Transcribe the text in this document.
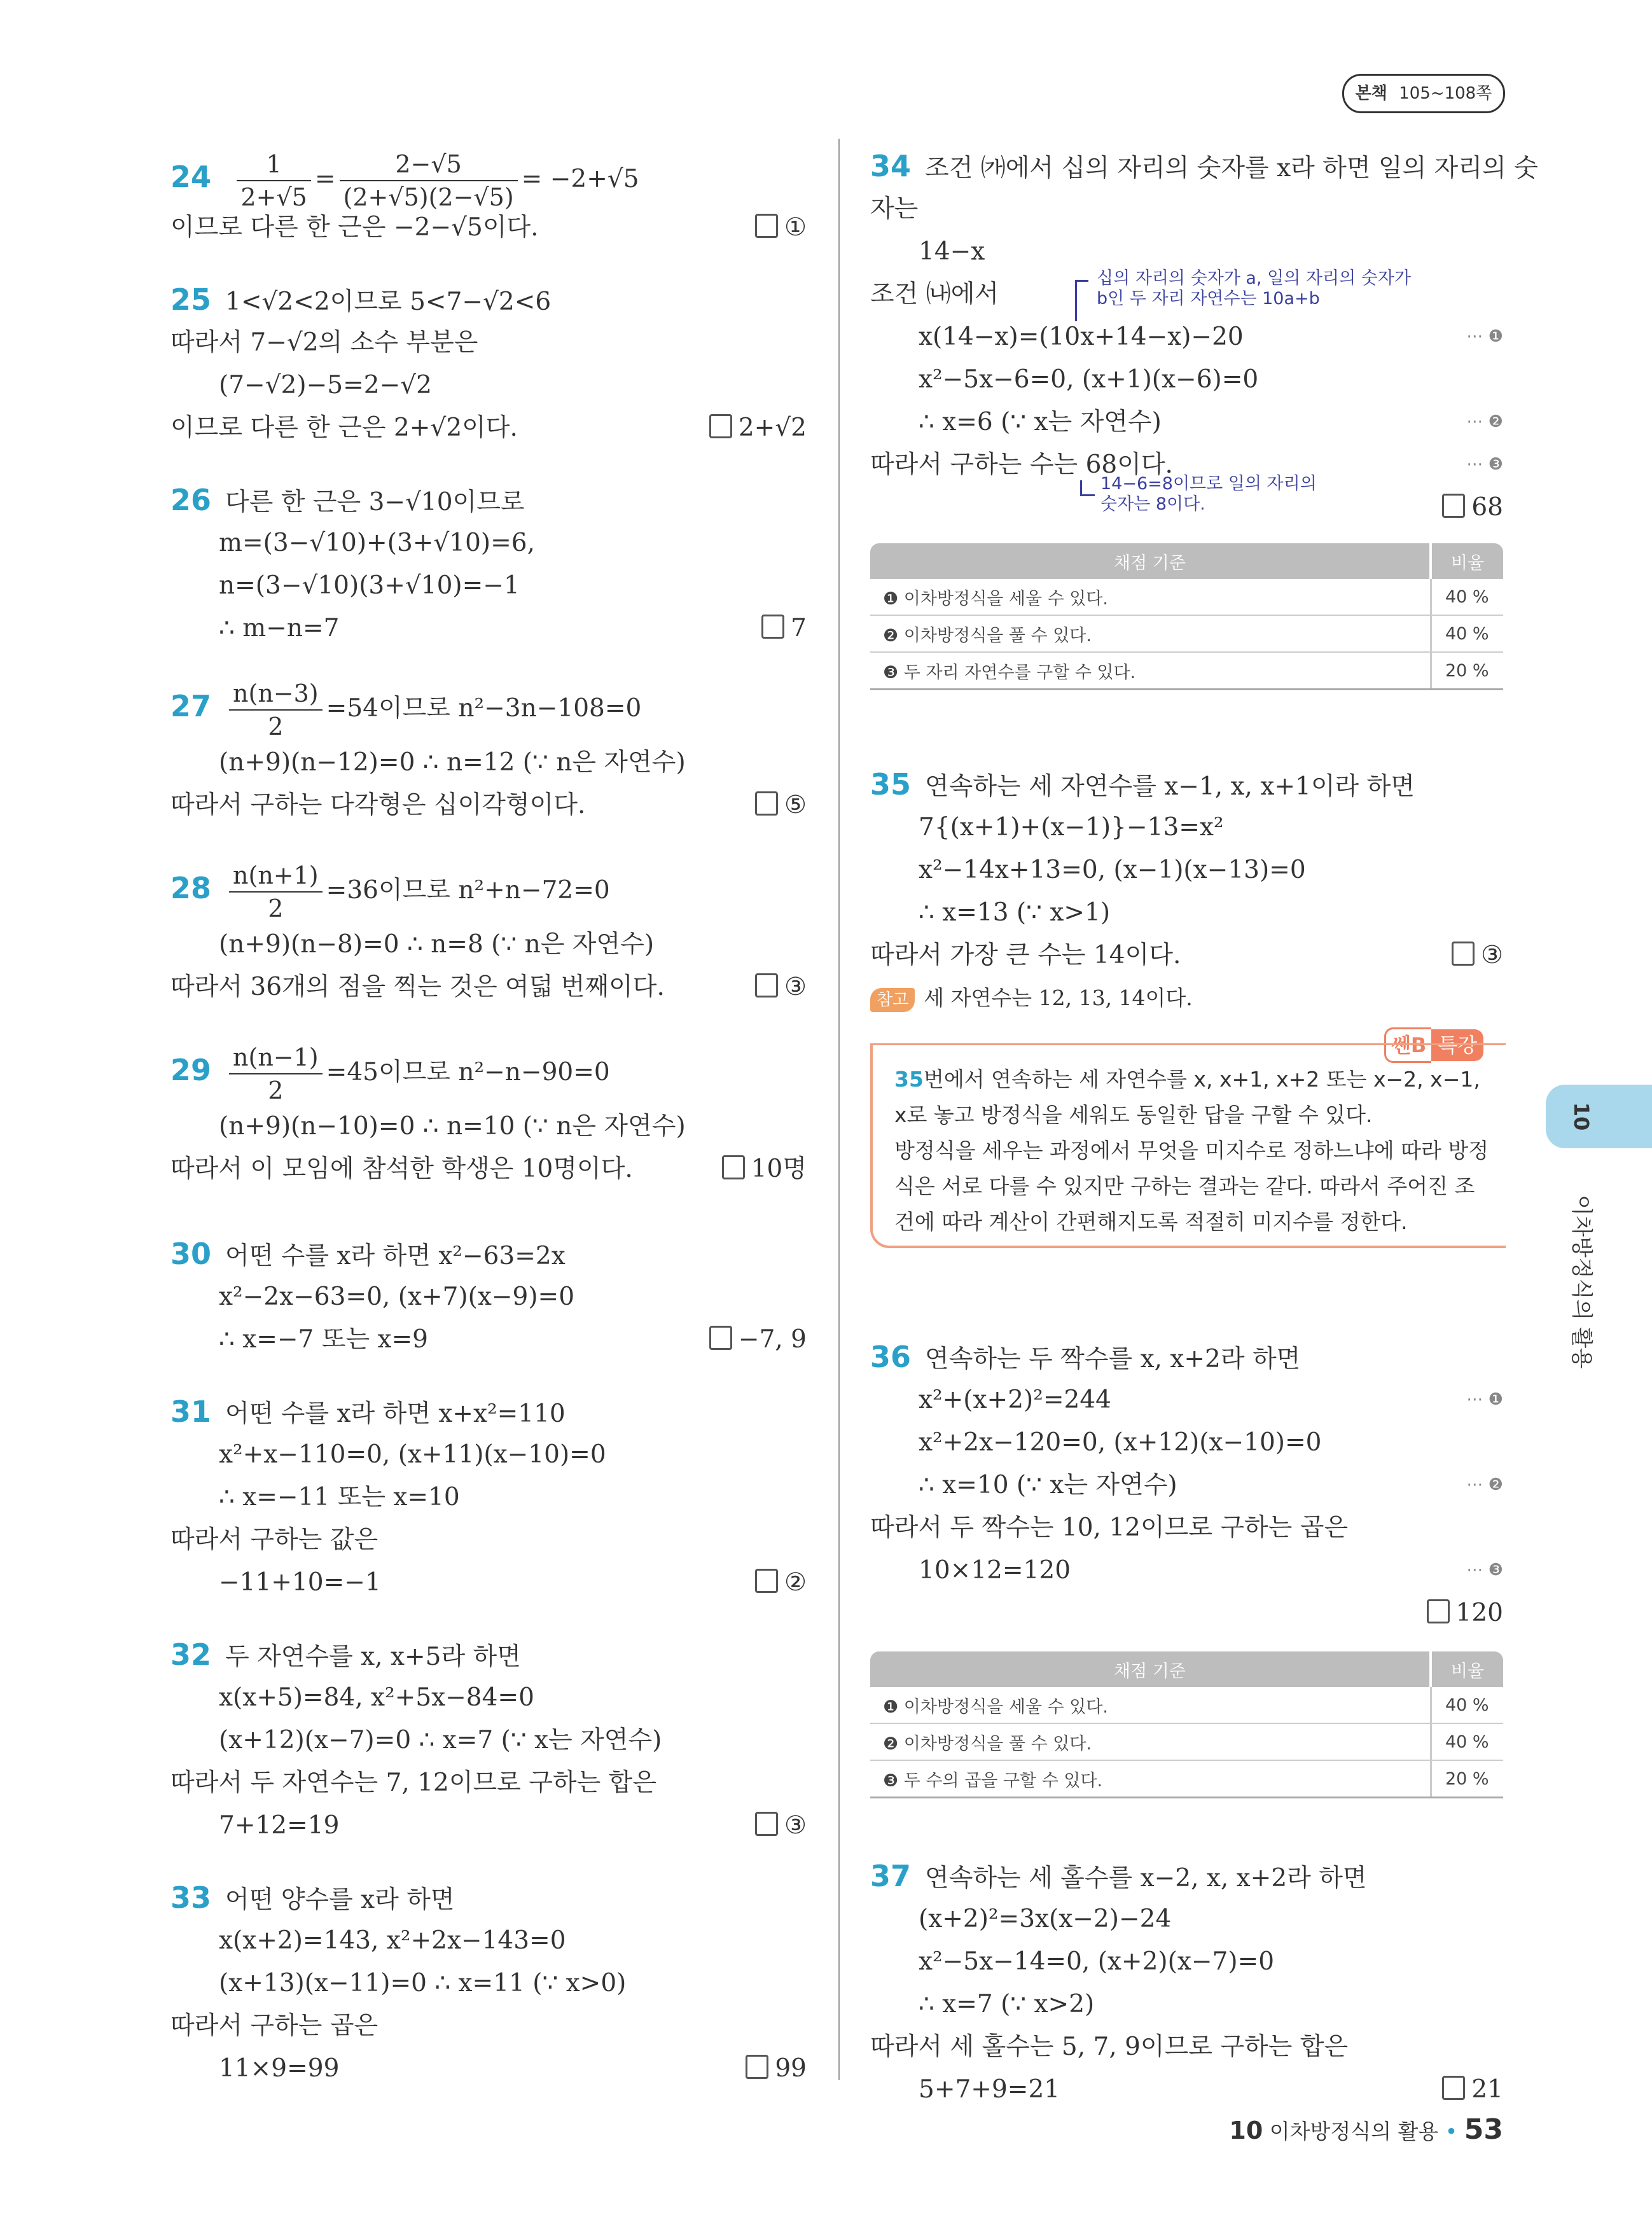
본책 105~108쪽
$24 \frac{1}{2+√5} = \frac{2-√5}{(2+√5)(2-√5)} = -2+√5$
이므로 다른 한 근은 −2−√5이다.	①
25 1<√2<2이므로 5<7−√2<6
따라서 7−√2의 소수 부분은
(7−√2)−5=2−√2
이므로 다른 한 근은 2+√2이다.	2+√2
26 다른 한 근은 3−√10이므로
m=(3−√10)+(3+√10)=6,
n=(3−√10)(3+√10)=−1
∴ m−n=7	7
$27 \frac{n(n-3)}{2} =54$이므로 n²−3n−108=0
(n+9)(n−12)=0 ∴ n=12 (∵ n은 자연수)
따라서 구하는 다각형은 십이각형이다.	⑤
$28 \frac{n(n+1)}{2} =36$이므로 n²+n−72=0
(n+9)(n−8)=0 ∴ n=8 (∵ n은 자연수)
따라서 36개의 점을 찍는 것은 여덟 번째이다.	③
$29 \frac{n(n-1)}{2} =45$이므로 n²−n−90=0
(n+9)(n−10)=0 ∴ n=10 (∵ n은 자연수)
따라서 이 모임에 참석한 학생은 10명이다.	10명
30 어떤 수를 x라 하면 x²−63=2x
x²−2x−63=0, (x+7)(x−9)=0
∴ x=−7 또는 x=9	−7, 9
31 어떤 수를 x라 하면 x+x²=110
x²+x−110=0, (x+11)(x−10)=0
∴ x=−11 또는 x=10
따라서 구하는 값은
−11+10=−1	②
32 두 자연수를 x, x+5라 하면
x(x+5)=84, x²+5x−84=0
(x+12)(x−7)=0 ∴ x=7 (∵ x는 자연수)
따라서 두 자연수는 7, 12이므로 구하는 합은
7+12=19	③
33 어떤 양수를 x라 하면
x(x+2)=143, x²+2x−143=0
(x+13)(x−11)=0 ∴ x=11 (∵ x>0)
따라서 구하는 곱은
11×9=99	99
34 조건 ㈎에서 십의 자리의 숫자를 x라 하면 일의 자리의 숫
자는
14−x
조건 ㈏에서
십의 자리의 숫자가 a, 일의 자리의 숫자가
b인 두 자리 자연수는 10a+b
x(14−x)=(10x+14−x)−20	⋯ ❶
x²−5x−6=0, (x+1)(x−6)=0
∴ x=6 (∵ x는 자연수)	⋯ ❷
따라서 구하는 수는 68이다.	⋯ ❸
14−6=8이므로 일의 자리의
숫자는 8이다.	68
채점 기준	비율
❶ 이차방정식을 세울 수 있다.	40 %
❷ 이차방정식을 풀 수 있다.	40 %
❸ 두 자리 자연수를 구할 수 있다.	20 %
35 연속하는 세 자연수를 x−1, x, x+1이라 하면
7{(x+1)+(x−1)}−13=x²
x²−14x+13=0, (x−1)(x−13)=0
∴ x=13 (∵ x>1)
따라서 가장 큰 수는 14이다.	③
참고 세 자연수는 12, 13, 14이다.
쎈B 특강

35번에서 연속하는 세 자연수를 x, x+1, x+2 또는 x−2, x−1,

x로 놓고 방정식을 세워도 동일한 답을 구할 수 있다.

방정식을 세우는 과정에서 무엇을 미지수로 정하느냐에 따라 방정

식은 서로 다를 수 있지만 구하는 결과는 같다. 따라서 주어진 조

건에 따라 계산이 간편해지도록 적절히 미지수를 정한다.

36 연속하는 두 짝수를 x, x+2라 하면
x²+(x+2)²=244	⋯ ❶
x²+2x−120=0, (x+12)(x−10)=0
∴ x=10 (∵ x는 자연수)	⋯ ❷
따라서 두 짝수는 10, 12이므로 구하는 곱은
10×12=120	⋯ ❸
120
채점 기준	비율
❶ 이차방정식을 세울 수 있다.	40 %
❷ 이차방정식을 풀 수 있다.	40 %
❸ 두 수의 곱을 구할 수 있다.	20 %
37 연속하는 세 홀수를 x−2, x, x+2라 하면
(x+2)²=3x(x−2)−24
x²−5x−14=0, (x+2)(x−7)=0
∴ x=7 (∵ x>2)
따라서 세 홀수는 5, 7, 9이므로 구하는 합은
5+7+9=21	21
10
이차방정식의 활용
10 이차방정식의 활용 • 53
